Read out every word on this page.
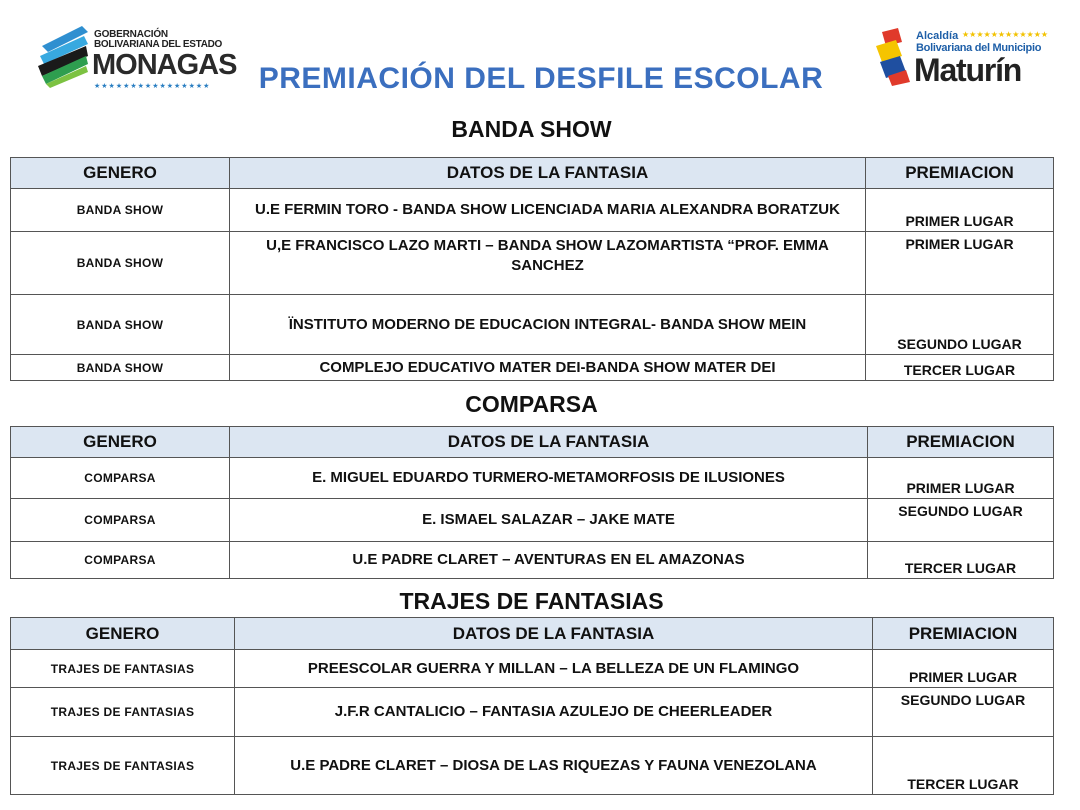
GOBERNACIÓN
BOLIVARIANA DEL ESTADO
MONAGAS
★★★★★★★★★★★★★★★★
Alcaldía ★★★★★★★★★★★★
Bolivariana del Municipio
Maturín
PREMIACIÓN DEL DESFILE ESCOLAR
BANDA SHOW
GENERO	DATOS DE LA FANTASIA	PREMIACION
BANDA SHOW	U.E FERMIN TORO - BANDA SHOW LICENCIADA MARIA ALEXANDRA BORATZUK	PRIMER LUGAR
BANDA SHOW	U,E FRANCISCO LAZO MARTI – BANDA SHOW LAZOMARTISTA “PROF. EMMA SANCHEZ	PRIMER LUGAR
BANDA SHOW	ÏNSTITUTO MODERNO DE EDUCACION INTEGRAL- BANDA SHOW MEIN	SEGUNDO LUGAR
BANDA SHOW	COMPLEJO EDUCATIVO MATER DEI-BANDA SHOW MATER DEI	TERCER LUGAR
COMPARSA
GENERO	DATOS DE LA FANTASIA	PREMIACION
COMPARSA	E. MIGUEL EDUARDO TURMERO-METAMORFOSIS DE ILUSIONES	PRIMER LUGAR
COMPARSA	E. ISMAEL SALAZAR – JAKE MATE	SEGUNDO LUGAR
COMPARSA	U.E PADRE CLARET – AVENTURAS EN EL AMAZONAS	TERCER LUGAR
TRAJES DE FANTASIAS
GENERO	DATOS DE LA FANTASIA	PREMIACION
TRAJES DE FANTASIAS	PREESCOLAR GUERRA Y MILLAN – LA BELLEZA DE UN FLAMINGO	PRIMER LUGAR
TRAJES DE FANTASIAS	J.F.R CANTALICIO – FANTASIA AZULEJO DE CHEERLEADER	SEGUNDO LUGAR
TRAJES DE FANTASIAS	U.E PADRE CLARET – DIOSA DE LAS RIQUEZAS Y FAUNA VENEZOLANA	TERCER LUGAR
